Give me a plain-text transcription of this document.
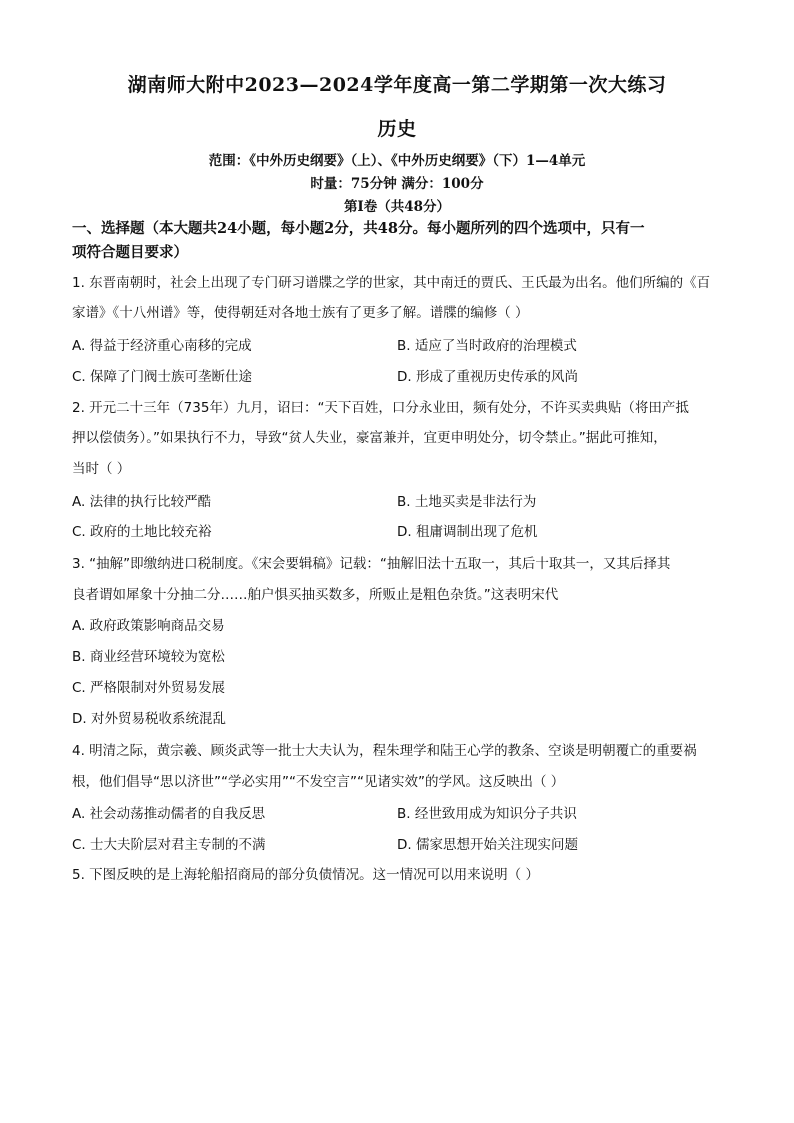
湖南师大附中2023—2024学年度高一第二学期第一次大练习
历史
范围：《中外历史纲要》（上）、《中外历史纲要》（下）1—4单元
时量：75分钟 满分：100分
第Ⅰ卷（共48分）
一、选择题（本大题共24小题，每小题2分，共48分。每小题所列的四个选项中，只有一
项符合题目要求）
1. 东晋南朝时，社会上出现了专门研习谱牒之学的世家，其中南迁的贾氏、王氏最为出名。他们所编的《百
家谱》《十八州谱》等，使得朝廷对各地士族有了更多了解。谱牒的编修（ ）
A. 得益于经济重心南移的完成	B. 适应了当时政府的治理模式
C. 保障了门阀士族可垄断仕途	D. 形成了重视历史传承的风尚
2. 开元二十三年（735年）九月，诏曰：“天下百姓，口分永业田，频有处分，不许买卖典贴（将田产抵
押以偿债务）。”如果执行不力，导致“贫人失业，豪富兼并，宜更申明处分，切令禁止。”据此可推知，
当时（ ）
A. 法律的执行比较严酷	B. 土地买卖是非法行为
C. 政府的土地比较充裕	D. 租庸调制出现了危机
3. “抽解”即缴纳进口税制度。《宋会要辑稿》记载：“抽解旧法十五取一，其后十取其一，又其后择其
良者谓如犀象十分抽二分……舶户惧买抽买数多，所贩止是粗色杂货。”这表明宋代
A. 政府政策影响商品交易
B. 商业经营环境较为宽松
C. 严格限制对外贸易发展
D. 对外贸易税收系统混乱
4. 明清之际，黄宗羲、顾炎武等一批士大夫认为，程朱理学和陆王心学的教条、空谈是明朝覆亡的重要祸
根，他们倡导“思以济世”“学必实用”“不发空言”“见诸实效”的学风。这反映出（ ）
A. 社会动荡推动儒者的自我反思	B. 经世致用成为知识分子共识
C. 士大夫阶层对君主专制的不满	D. 儒家思想开始关注现实问题
5. 下图反映的是上海轮船招商局的部分负债情况。这一情况可以用来说明（ ）
